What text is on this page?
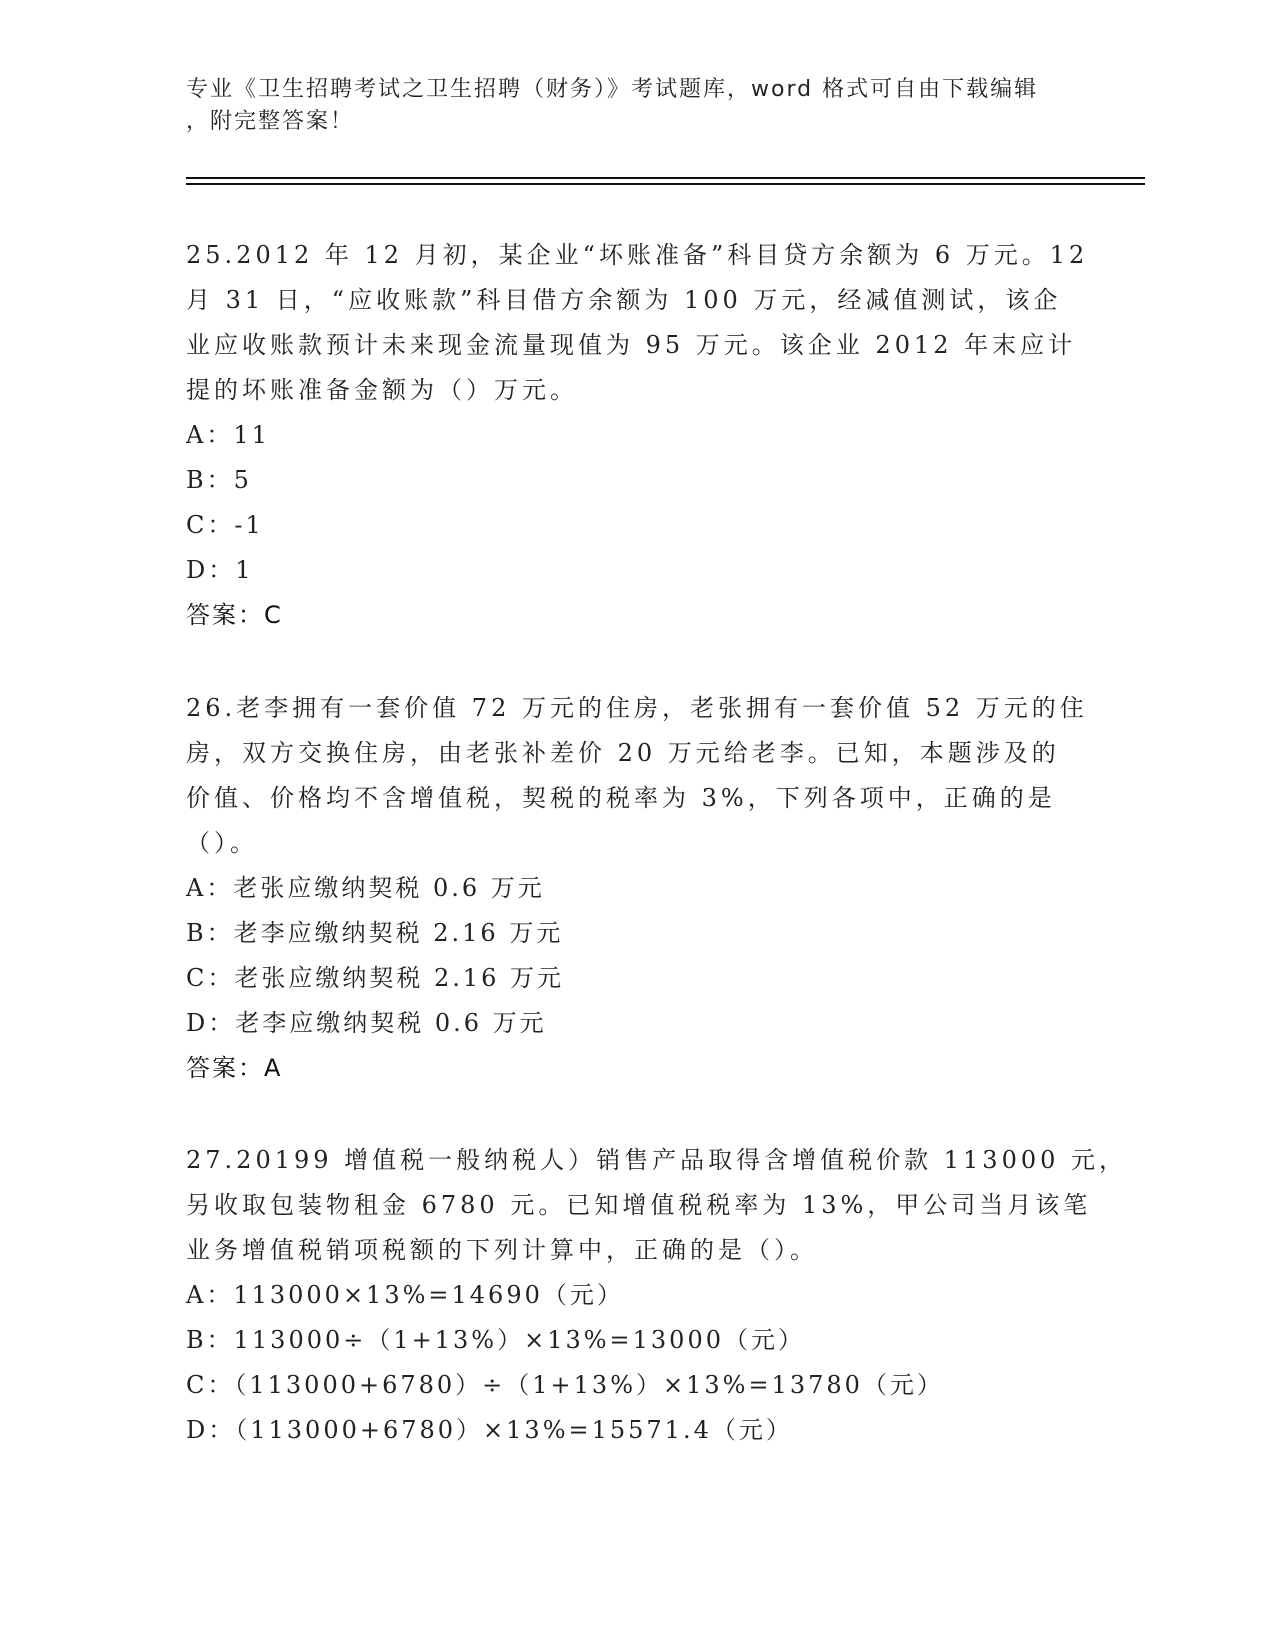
专业《卫生招聘考试之卫生招聘（财务）》考试题库，word 格式可自由下载编辑
，附完整答案！
25.2012 年 12 月初，某企业“坏账准备”科目贷方余额为 6 万元。12
月 31 日，“应收账款”科目借方余额为 100 万元，经减值测试，该企
业应收账款预计未来现金流量现值为 95 万元。该企业 2012 年末应计
提的坏账准备金额为（）万元。
A：11
B：5
C：-1
D：1
答案：C
26.老李拥有一套价值 72 万元的住房，老张拥有一套价值 52 万元的住
房，双方交换住房，由老张补差价 20 万元给老李。已知，本题涉及的
价值、价格均不含增值税，契税的税率为 3%，下列各项中，正确的是
（）。
A：老张应缴纳契税 0.6 万元
B：老李应缴纳契税 2.16 万元
C：老张应缴纳契税 2.16 万元
D：老李应缴纳契税 0.6 万元
答案：A
27.20199 增值税一般纳税人）销售产品取得含增值税价款 113000 元，
另收取包装物租金 6780 元。已知增值税税率为 13%，甲公司当月该笔
业务增值税销项税额的下列计算中，正确的是（）。
A：113000×13%=14690（元）
B：113000÷（1+13%）×13%=13000（元）
C：（113000+6780）÷（1+13%）×13%=13780（元）
D：（113000+6780）×13%=15571.4（元）
